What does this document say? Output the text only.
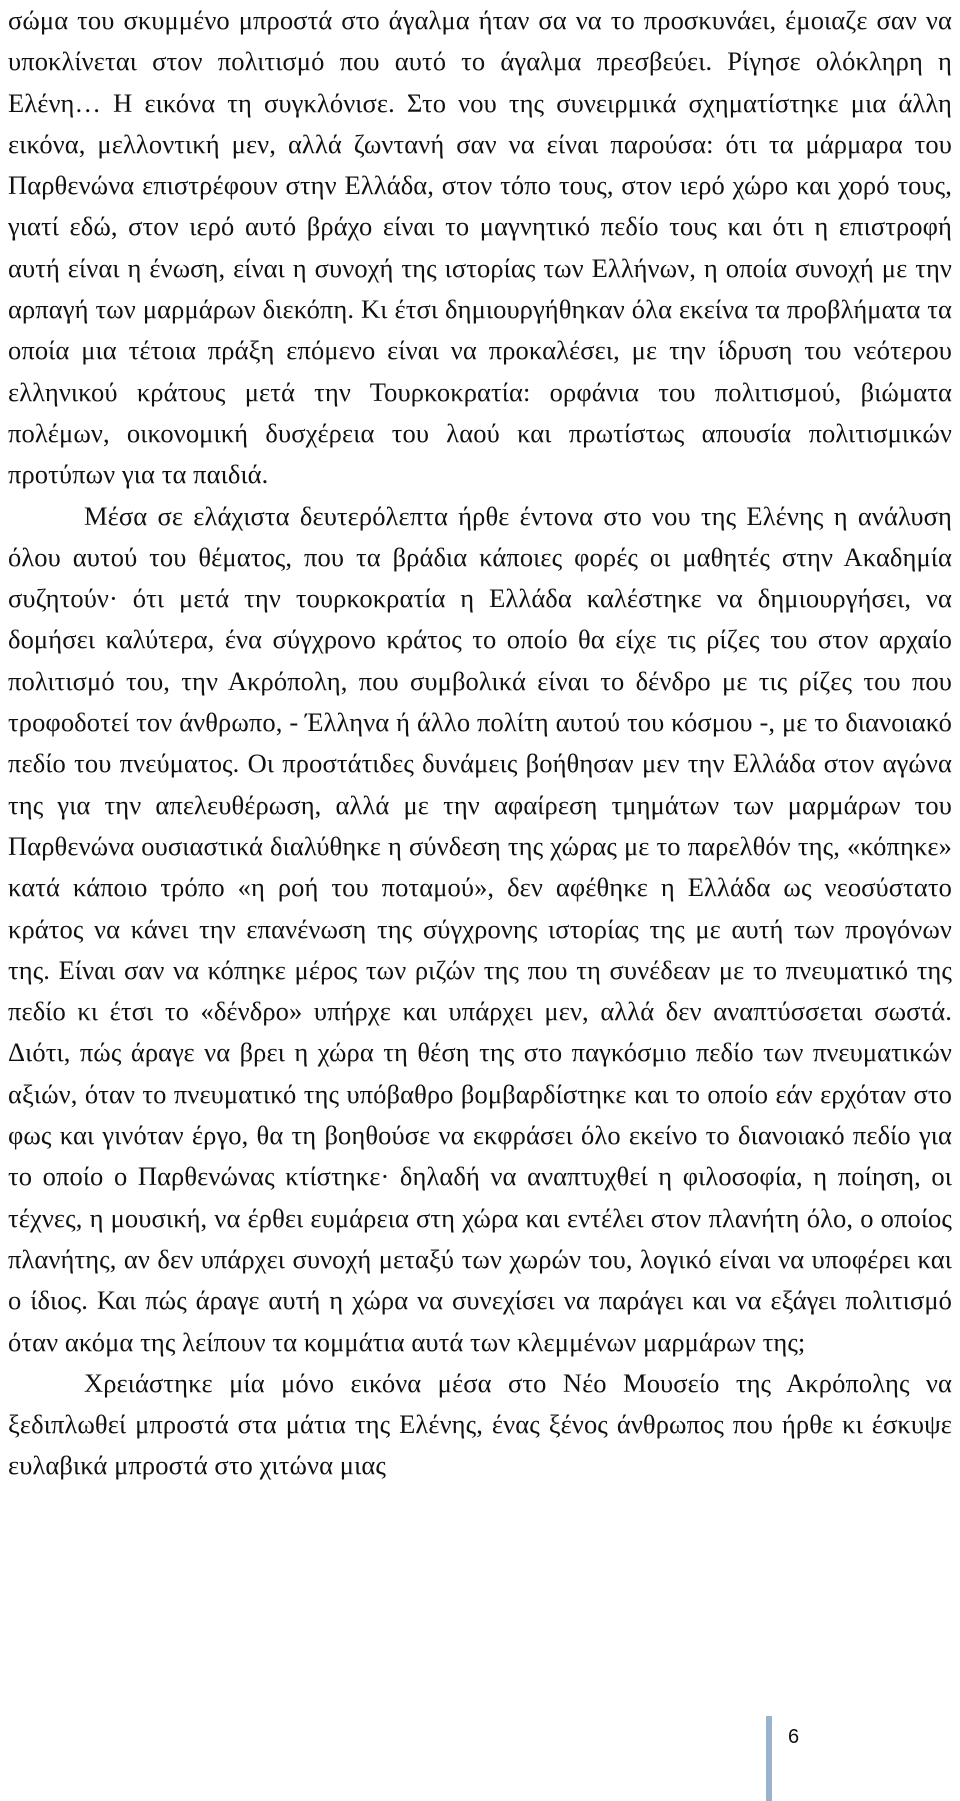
σώμα του σκυμμένο μπροστά στο άγαλμα ήταν σα να το προσκυνάει, έμοιαζε σαν να υποκλίνεται στον πολιτισμό που αυτό το άγαλμα πρεσβεύει. Ρίγησε ολόκληρη η Ελένη… Η εικόνα τη συγκλόνισε. Στο νου της συνειρμικά σχηματίστηκε μια άλλη εικόνα, μελλοντική μεν, αλλά ζωντανή σαν να είναι παρούσα: ότι τα μάρμαρα του Παρθενώνα επιστρέφουν στην Ελλάδα, στον τόπο τους, στον ιερό χώρο και χορό τους, γιατί εδώ, στον ιερό αυτό βράχο είναι το μαγνητικό πεδίο τους και ότι η επιστροφή αυτή είναι η ένωση, είναι η συνοχή της ιστορίας των Ελλήνων, η οποία συνοχή με την αρπαγή των μαρμάρων διεκόπη. Κι έτσι δημιουργήθηκαν όλα εκείνα τα προβλήματα τα οποία μια τέτοια πράξη επόμενο είναι να προκαλέσει, με την ίδρυση του νεότερου ελληνικού κράτους μετά την Τουρκοκρατία: ορφάνια του πολιτισμού, βιώματα πολέμων, οικονομική δυσχέρεια του λαού και πρωτίστως απουσία πολιτισμικών προτύπων για τα παιδιά.

Μέσα σε ελάχιστα δευτερόλεπτα ήρθε έντονα στο νου της Ελένης η ανάλυση όλου αυτού του θέματος, που τα βράδια κάποιες φορές οι μαθητές στην Ακαδημία συζητούν· ότι μετά την τουρκοκρατία η Ελλάδα καλέστηκε να δημιουργήσει, να δομήσει καλύτερα, ένα σύγχρονο κράτος το οποίο θα είχε τις ρίζες του στον αρχαίο πολιτισμό του, την Ακρόπολη, που συμβολικά είναι το δένδρο με τις ρίζες του που τροφοδοτεί τον άνθρωπο, - Έλληνα ή άλλο πολίτη αυτού του κόσμου -, με το διανοιακό πεδίο του πνεύματος. Οι προστάτιδες δυνάμεις βοήθησαν μεν την Ελλάδα στον αγώνα της για την απελευθέρωση, αλλά με την αφαίρεση τμημάτων των μαρμάρων του Παρθενώνα ουσιαστικά διαλύθηκε η σύνδεση της χώρας με το παρελθόν της, «κόπηκε» κατά κάποιο τρόπο «η ροή του ποταμού», δεν αφέθηκε η Ελλάδα ως νεοσύστατο κράτος να κάνει την επανένωση της σύγχρονης ιστορίας της με αυτή των προγόνων της. Είναι σαν να κόπηκε μέρος των ριζών της που τη συνέδεαν με το πνευματικό της πεδίο κι έτσι το «δένδρο» υπήρχε και υπάρχει μεν, αλλά δεν αναπτύσσεται σωστά. Διότι, πώς άραγε να βρει η χώρα τη θέση της στο παγκόσμιο πεδίο των πνευματικών αξιών, όταν το πνευματικό της υπόβαθρο βομβαρδίστηκε και το οποίο εάν ερχόταν στο φως και γινόταν έργο, θα τη βοηθούσε να εκφράσει όλο εκείνο το διανοιακό πεδίο για το οποίο ο Παρθενώνας κτίστηκε· δηλαδή να αναπτυχθεί η φιλοσοφία, η ποίηση, οι τέχνες, η μουσική, να έρθει ευμάρεια στη χώρα και εντέλει στον πλανήτη όλο, ο οποίος πλανήτης, αν δεν υπάρχει συνοχή μεταξύ των χωρών του, λογικό είναι να υποφέρει και ο ίδιος. Και πώς άραγε αυτή η χώρα να συνεχίσει να παράγει και να εξάγει πολιτισμό όταν ακόμα της λείπουν τα κομμάτια αυτά των κλεμμένων μαρμάρων της;

Χρειάστηκε μία μόνο εικόνα μέσα στο Νέο Μουσείο της Ακρόπολης να ξεδιπλωθεί μπροστά στα μάτια της Ελένης, ένας ξένος άνθρωπος που ήρθε κι έσκυψε ευλαβικά μπροστά στο χιτώνα μιας

6
